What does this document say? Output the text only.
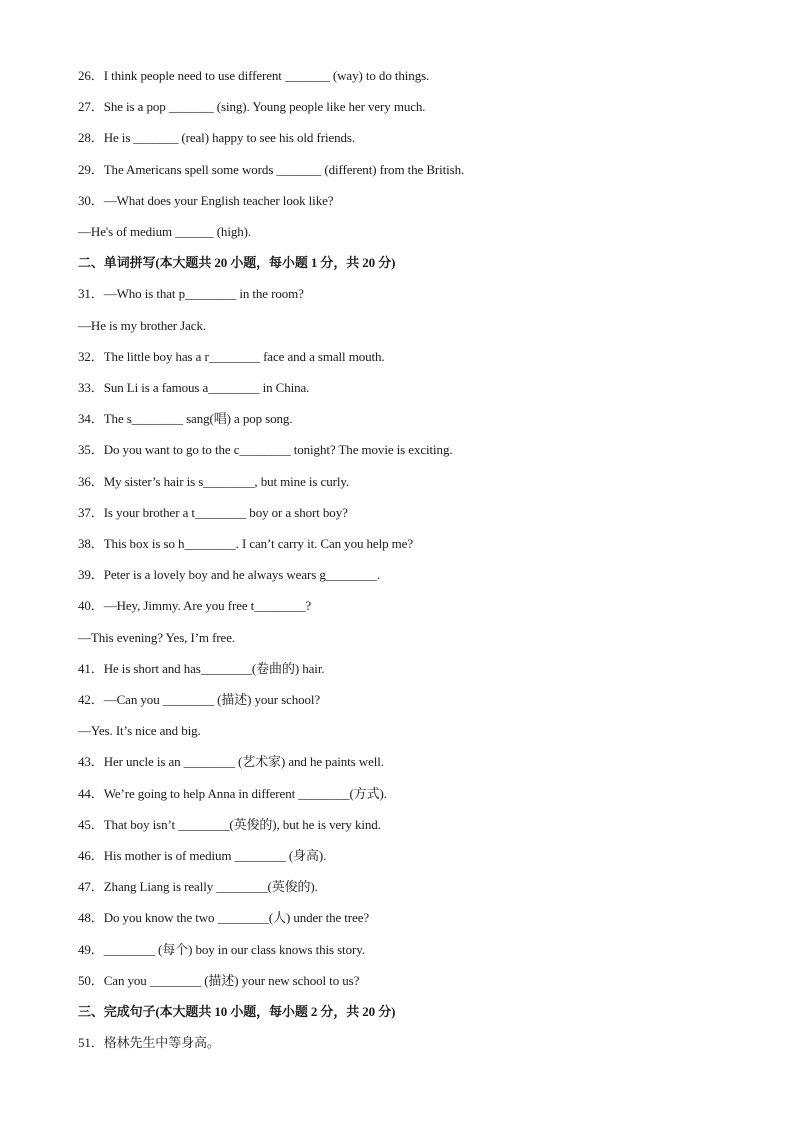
26．I think people need to use different _______ (way) to do things.
27．She is a pop _______ (sing). Young people like her very much.
28．He is _______ (real) happy to see his old friends.
29．The Americans spell some words _______ (different) from the British.
30．—What does your English teacher look like?
—He's of medium ______ (high).
二、单词拼写(本大题共 20 小题，每小题 1 分，共 20 分)
31．—Who is that p________ in the room?
—He is my brother Jack.
32．The little boy has a r________ face and a small mouth.
33．Sun Li is a famous a________ in China.
34．The s________ sang(唱) a pop song.
35．Do you want to go to the c________ tonight? The movie is exciting.
36．My sister’s hair is s________, but mine is curly.
37．Is your brother a t________ boy or a short boy?
38．This box is so h________. I can’t carry it. Can you help me?
39．Peter is a lovely boy and he always wears g________.
40．—Hey, Jimmy. Are you free t________?
—This evening? Yes, I’m free.
41．He is short and has________(卷曲的) hair.
42．—Can you ________ (描述) your school?
—Yes. It’s nice and big.
43．Her uncle is an ________ (艺术家) and he paints well.
44．We’re going to help Anna in different ________(方式).
45．That boy isn’t ________(英俊的), but he is very kind.
46．His mother is of medium ________ (身高).
47．Zhang Liang is really ________(英俊的).
48．Do you know the two ________(人) under the tree?
49．________ (每个) boy in our class knows this story.
50．Can you ________ (描述) your new school to us?
三、完成句子(本大题共 10 小题，每小题 2 分，共 20 分)
51．格林先生中等身高。
